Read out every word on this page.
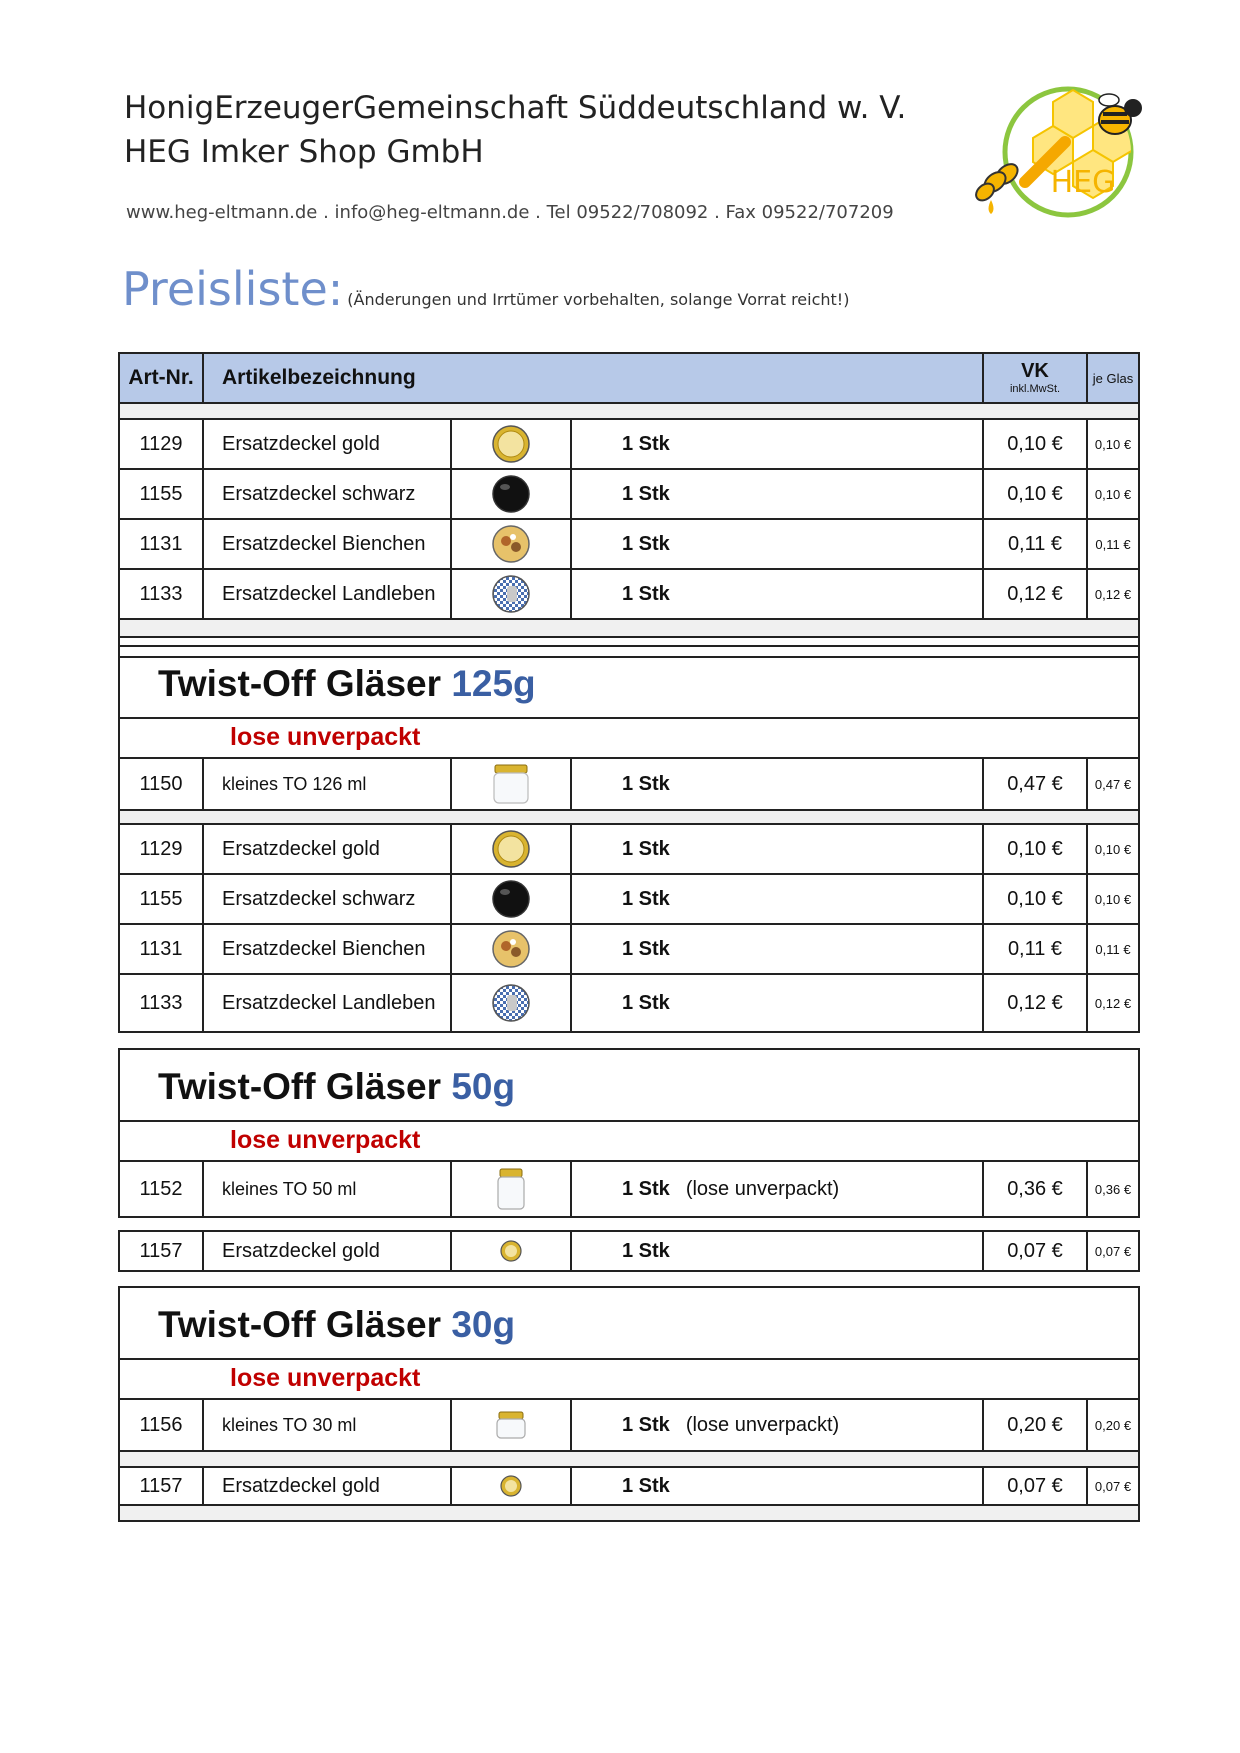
HonigErzeugerGemeinschaft Süddeutschland w. V.
HEG Imker Shop GmbH
www.heg-eltmann.de . info@heg-eltmann.de . Tel 09522/708092 . Fax 09522/707209
HEG
Preisliste: (Änderungen und Irrtümer vorbehalten, solange Vorrat reicht!)
Art-Nr.	Artikelbezeichnung	VK
inkl.MwSt.
je Glas
1129	Ersatzdeckel gold	1 Stk	0,10 €	0,10 €
1155	Ersatzdeckel schwarz	1 Stk	0,10 €	0,10 €
1131	Ersatzdeckel Bienchen	1 Stk	0,11 €	0,11 €
1133	Ersatzdeckel Landleben	1 Stk	0,12 €	0,12 €
Twist-Off Gläser 125g
lose unverpackt
1150	kleines TO 126 ml	1 Stk	0,47 €	0,47 €
1129	Ersatzdeckel gold	1 Stk	0,10 €	0,10 €
1155	Ersatzdeckel schwarz	1 Stk	0,10 €	0,10 €
1131	Ersatzdeckel Bienchen	1 Stk	0,11 €	0,11 €
1133	Ersatzdeckel Landleben	1 Stk	0,12 €	0,12 €
Twist-Off Gläser 50g
lose unverpackt
1152	kleines TO 50 ml	1 Stk (lose unverpackt)	0,36 €	0,36 €
1157	Ersatzdeckel gold	1 Stk	0,07 €	0,07 €
Twist-Off Gläser 30g
lose unverpackt
1156	kleines TO 30 ml	1 Stk (lose unverpackt)	0,20 €	0,20 €
1157	Ersatzdeckel gold	1 Stk	0,07 €	0,07 €
